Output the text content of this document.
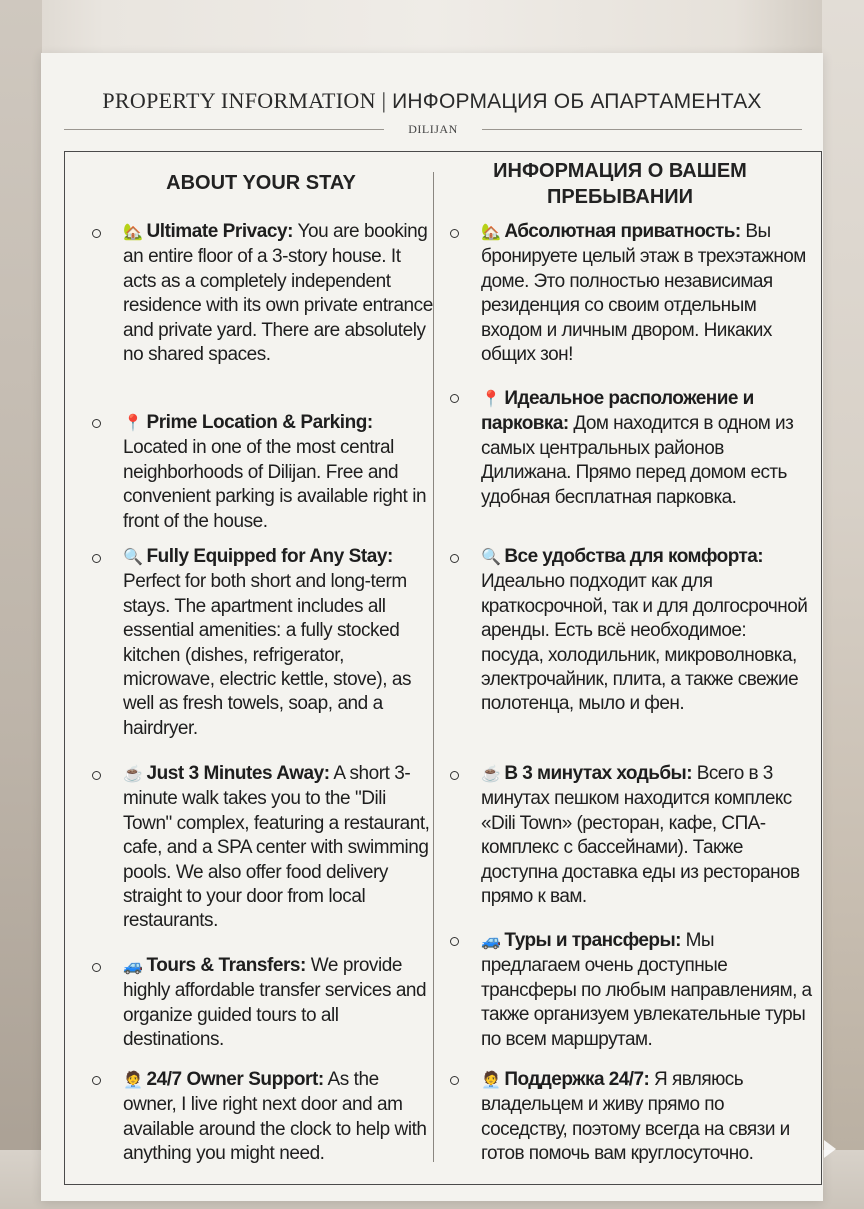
PROPERTY INFORMATION | ИНФОРМАЦИЯ ОБ АПАРТАМЕНТАХ
DILIJAN
ABOUT YOUR STAY
ИНФОРМАЦИЯ О ВАШЕМ ПРЕБЫВАНИИ
🏡 Ultimate Privacy: You are booking an entire floor of a 3-story house. It acts as a completely independent residence with its own private entrance and private yard. There are absolutely no shared spaces.
📍 Prime Location & Parking: Located in one of the most central neighborhoods of Dilijan. Free and convenient parking is available right in front of the house.
🔍 Fully Equipped for Any Stay: Perfect for both short and long-term stays. The apartment includes all essential amenities: a fully stocked kitchen (dishes, refrigerator, microwave, electric kettle, stove), as well as fresh towels, soap, and a hairdryer.
☕ Just 3 Minutes Away: A short 3-minute walk takes you to the "Dili Town" complex, featuring a restaurant, cafe, and a SPA center with swimming pools. We also offer food delivery straight to your door from local restaurants.
🚙 Tours & Transfers: We provide highly affordable transfer services and organize guided tours to all destinations.
🧑‍💼 24/7 Owner Support: As the owner, I live right next door and am available around the clock to help with anything you might need.
🏡 Абсолютная приватность: Вы бронируете целый этаж в трехэтажном доме. Это полностью независимая резиденция со своим отдельным входом и личным двором. Никаких общих зон!
📍 Идеальное расположение и парковка: Дом находится в одном из самых центральных районов Дилижана. Прямо перед домом есть удобная бесплатная парковка.
🔍 Все удобства для комфорта: Идеально подходит как для краткосрочной, так и для долгосрочной аренды. Есть всё необходимое: посуда, холодильник, микроволновка, электрочайник, плита, а также свежие полотенца, мыло и фен.
☕ В 3 минутах ходьбы: Всего в 3 минутах пешком находится комплекс «Dili Town» (ресторан, кафе, СПА-комплекс с бассейнами). Также доступна доставка еды из ресторанов прямо к вам.
🚙 Туры и трансферы: Мы предлагаем очень доступные трансферы по любым направлениям, а также организуем увлекательные туры по всем маршрутам.
🧑‍💼 Поддержка 24/7: Я являюсь владельцем и живу прямо по соседству, поэтому всегда на связи и готов помочь вам круглосуточно.
